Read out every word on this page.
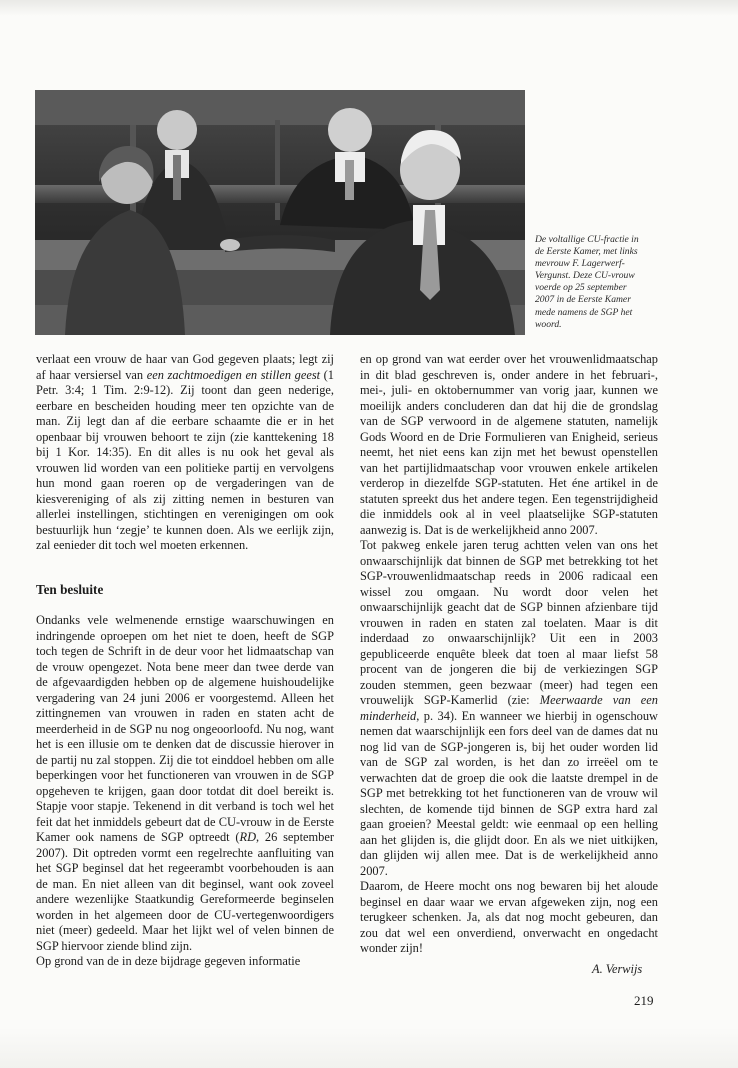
De voltallige CU-fractie in
de Eerste Kamer, met links
mevrouw F. Lagerwerf-
Vergunst. Deze CU-vrouw
voerde op 25 september
2007 in de Eerste Kamer
mede namens de SGP het
woord.

verlaat een vrouw de haar van God gegeven plaats; legt zij af haar versiersel van een zachtmoedigen en stillen geest (1 Petr. 3:4; 1 Tim. 2:9-12). Zij toont dan geen nederige, eerbare en bescheiden houding meer ten opzichte van de man. Zij legt dan af die eerbare schaamte die er in het openbaar bij vrouwen behoort te zijn (zie kanttekening 18 bij 1 Kor. 14:35). En dit alles is nu ook het geval als vrouwen lid worden van een politieke partij en vervolgens hun mond gaan roeren op de vergaderingen van de kiesvereniging of als zij zitting nemen in besturen van allerlei instellingen, stichtingen en verenigingen om ook bestuurlijk hun ‘zegje’ te kunnen doen. Als we eerlijk zijn, zal eenieder dit toch wel moeten erkennen.

Ten besluite

Ondanks vele welmenende ernstige waarschuwingen en indringende oproepen om het niet te doen, heeft de SGP toch tegen de Schrift in de deur voor het lidmaatschap van de vrouw opengezet. Nota bene meer dan twee derde van de afgevaardigden hebben op de algemene huishoudelijke vergadering van 24 juni 2006 er voorgestemd. Alleen het zittingnemen van vrouwen in raden en staten acht de meerderheid in de SGP nu nog ongeoorloofd. Nu nog, want het is een illusie om te denken dat de discussie hierover in de partij nu zal stoppen. Zij die tot einddoel hebben om alle beperkingen voor het functioneren van vrouwen in de SGP opgeheven te krijgen, gaan door totdat dit doel bereikt is. Stapje voor stapje. Tekenend in dit verband is toch wel het feit dat het inmiddels gebeurt dat de CU-vrouw in de Eerste Kamer ook namens de SGP optreedt (RD, 26 september 2007). Dit optreden vormt een regelrechte aanfluiting van het SGP beginsel dat het regeerambt voorbehouden is aan de man. En niet alleen van dit beginsel, want ook zoveel andere wezenlijke Staatkundig Gereformeerde beginselen worden in het algemeen door de CU-vertegenwoordigers niet (meer) gedeeld. Maar het lijkt wel of velen binnen de SGP hiervoor ziende blind zijn.

Op grond van de in deze bijdrage gegeven informatie

en op grond van wat eerder over het vrouwenlidmaatschap in dit blad geschreven is, onder andere in het februari-, mei-, juli- en oktobernummer van vorig jaar, kunnen we moeilijk anders concluderen dan dat hij die de grondslag van de SGP verwoord in de algemene statuten, namelijk Gods Woord en de Drie Formulieren van Enigheid, serieus neemt, het niet eens kan zijn met het bewust openstellen van het partijlidmaatschap voor vrouwen enkele artikelen verderop in diezelfde SGP-statuten. Het éne artikel in de statuten spreekt dus het andere tegen. Een tegenstrijdigheid die inmiddels ook al in veel plaatselijke SGP-statuten aanwezig is. Dat is de werkelijkheid anno 2007.

Tot pakweg enkele jaren terug achtten velen van ons het onwaarschijnlijk dat binnen de SGP met betrekking tot het SGP-vrouwenlidmaatschap reeds in 2006 radicaal een wissel zou omgaan. Nu wordt door velen het onwaarschijnlijk geacht dat de SGP binnen afzienbare tijd vrouwen in raden en staten zal toelaten. Maar is dit inderdaad zo onwaarschijnlijk? Uit een in 2003 gepubliceerde enquête bleek dat toen al maar liefst 58 procent van de jongeren die bij de verkiezingen SGP zouden stemmen, geen bezwaar (meer) had tegen een vrouwelijk SGP-Kamerlid (zie: Meerwaarde van een minderheid, p. 34). En wanneer we hierbij in ogenschouw nemen dat waarschijnlijk een fors deel van de dames dat nu nog lid van de SGP-jongeren is, bij het ouder worden lid van de SGP zal worden, is het dan zo irreëel om te verwachten dat de groep die ook die laatste drempel in de SGP met betrekking tot het functioneren van de vrouw wil slechten, de komende tijd binnen de SGP extra hard zal gaan groeien? Meestal geldt: wie eenmaal op een helling aan het glijden is, die glijdt door. En als we niet uitkijken, dan glijden wij allen mee. Dat is de werkelijkheid anno 2007.

Daarom, de Heere mocht ons nog bewaren bij het aloude beginsel en daar waar we ervan afgeweken zijn, nog een terugkeer schenken. Ja, als dat nog mocht gebeuren, dan zou dat wel een onverdiend, onverwacht en ongedacht wonder zijn!

A. Verwijs
219
